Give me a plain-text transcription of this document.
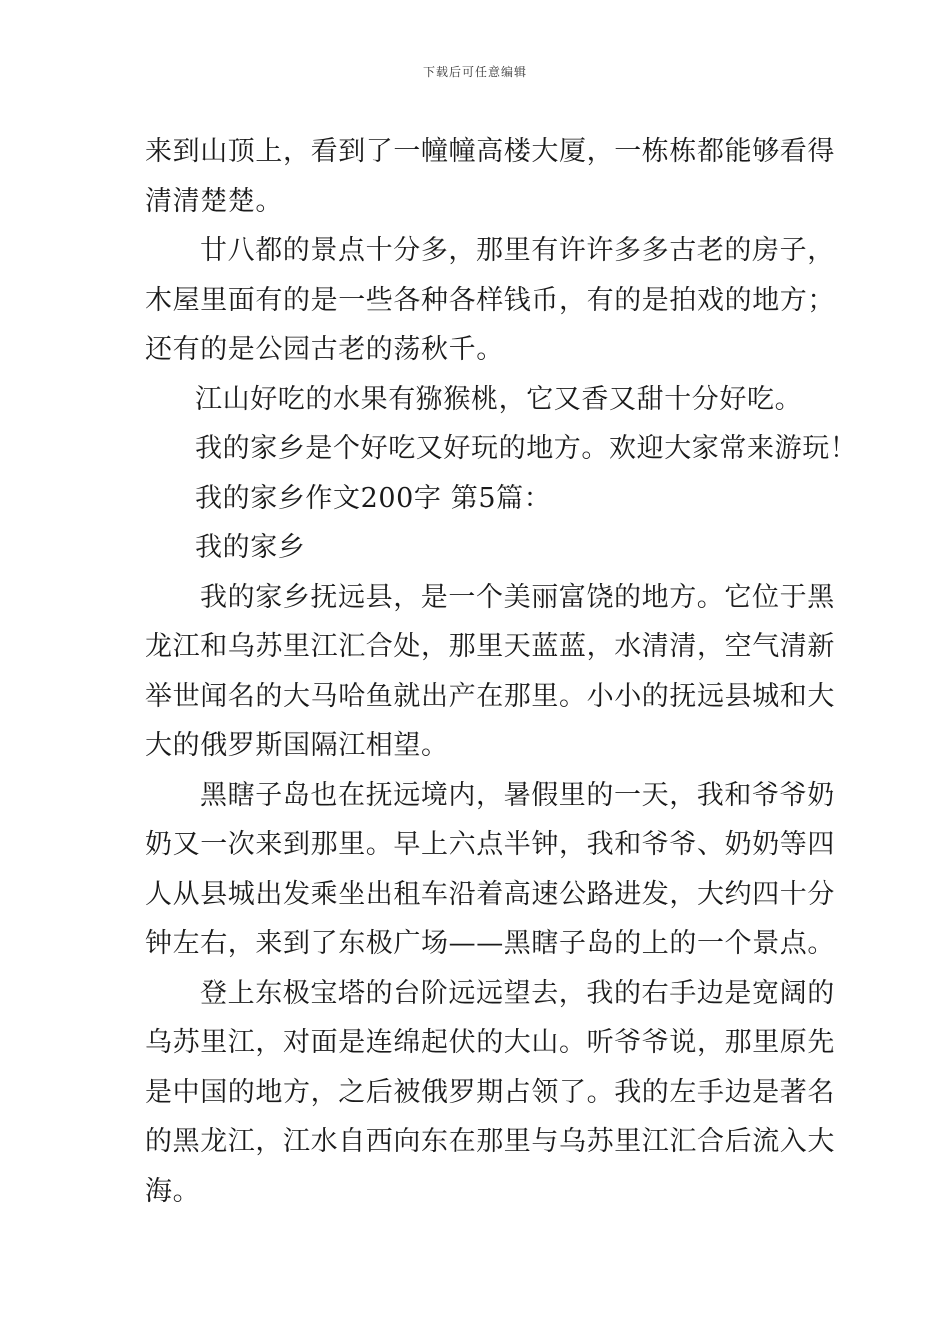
下载后可任意编辑
来到山顶上，看到了一幢幢高楼大厦，一栋栋都能够看得
清清楚楚。
廿八都的景点十分多，那里有许许多多古老的房子，
木屋里面有的是一些各种各样钱币，有的是拍戏的地方；
还有的是公园古老的荡秋千。
江山好吃的水果有猕猴桃，它又香又甜十分好吃。
我的家乡是个好吃又好玩的地方。欢迎大家常来游玩！
我的家乡作文200字 第5篇：
我的家乡
我的家乡抚远县，是一个美丽富饶的地方。它位于黑
龙江和乌苏里江汇合处，那里天蓝蓝，水清清，空气清新
举世闻名的大马哈鱼就出产在那里。小小的抚远县城和大
大的俄罗斯国隔江相望。
黑瞎子岛也在抚远境内，暑假里的一天，我和爷爷奶
奶又一次来到那里。早上六点半钟，我和爷爷、奶奶等四
人从县城出发乘坐出租车沿着高速公路进发，大约四十分
钟左右，来到了东极广场——黑瞎子岛的上的一个景点。
登上东极宝塔的台阶远远望去，我的右手边是宽阔的
乌苏里江，对面是连绵起伏的大山。听爷爷说，那里原先
是中国的地方，之后被俄罗期占领了。我的左手边是著名
的黑龙江，江水自西向东在那里与乌苏里江汇合后流入大
海。
